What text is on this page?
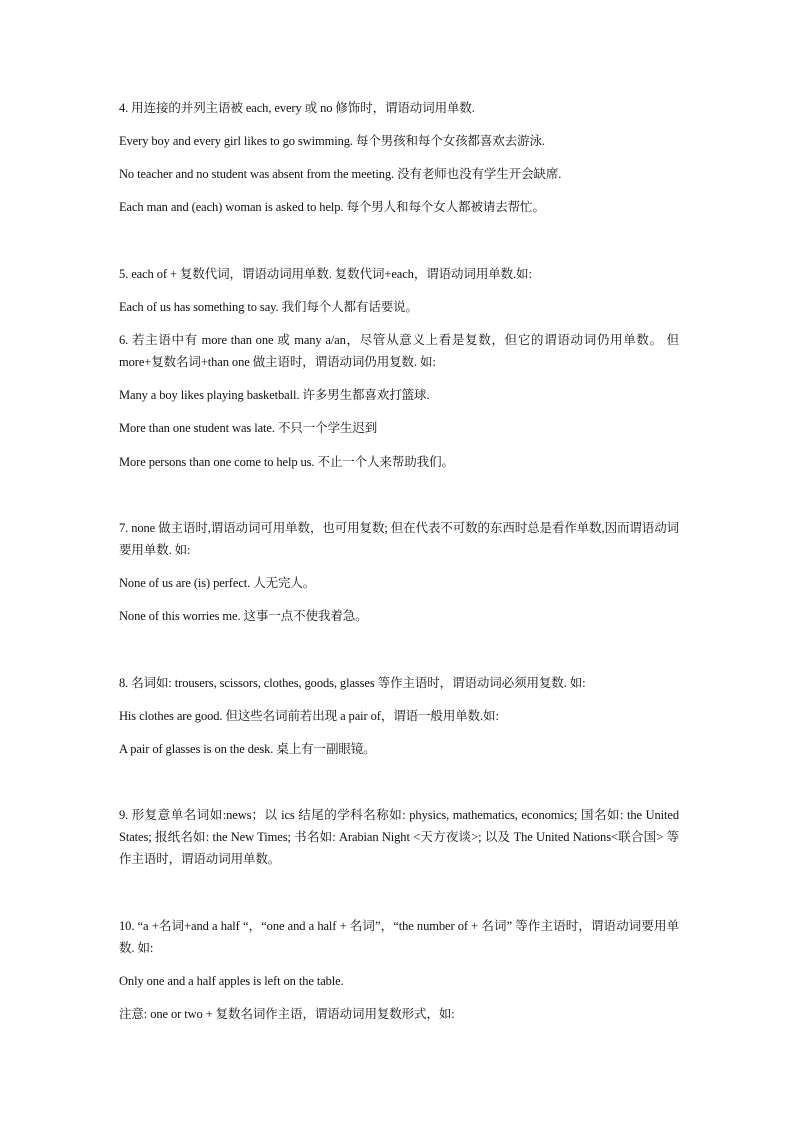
4. 用连接的并列主语被 each, every 或 no 修饰时，谓语动词用单数.
Every boy and every girl likes to go swimming. 每个男孩和每个女孩都喜欢去游泳.
No teacher and no student was absent from the meeting. 没有老师也没有学生开会缺席.
Each man and (each) woman is asked to help. 每个男人和每个女人都被请去帮忙。
5. each of + 复数代词，谓语动词用单数. 复数代词+each，谓语动词用单数.如:
Each of us has something to say. 我们每个人都有话要说。
6. 若主语中有 more than one 或 many a/an，尽管从意义上看是复数，但它的谓语动词仍用单数。 但 more+复数名词+than one 做主语时，谓语动词仍用复数. 如:
Many a boy likes playing basketball. 许多男生都喜欢打篮球.
More than one student was late. 不只一个学生迟到
More persons than one come to help us. 不止一个人来帮助我们。
7. none 做主语时,谓语动词可用单数，也可用复数; 但在代表不可数的东西时总是看作单数,因而谓语动词要用单数. 如:
None of us are (is) perfect. 人无完人。
None of this worries me. 这事一点不使我着急。
8. 名词如: trousers, scissors, clothes, goods, glasses 等作主语时，谓语动词必须用复数. 如:
His clothes are good. 但这些名词前若出现 a pair of，谓语一般用单数.如:
A pair of glasses is on the desk. 桌上有一副眼镜。
9. 形复意单名词如:news；以 ics 结尾的学科名称如: physics, mathematics, economics; 国名如: the United States; 报纸名如: the New Times; 书名如: Arabian Night <天方夜谈>; 以及 The United Nations<联合国> 等作主语时，谓语动词用单数。
10. “a +名词+and a half “，“one and a half + 名词”，“the number of + 名词” 等作主语时，谓语动词要用单数. 如:
Only one and a half apples is left on the table.
注意: one or two + 复数名词作主语，谓语动词用复数形式，如:
